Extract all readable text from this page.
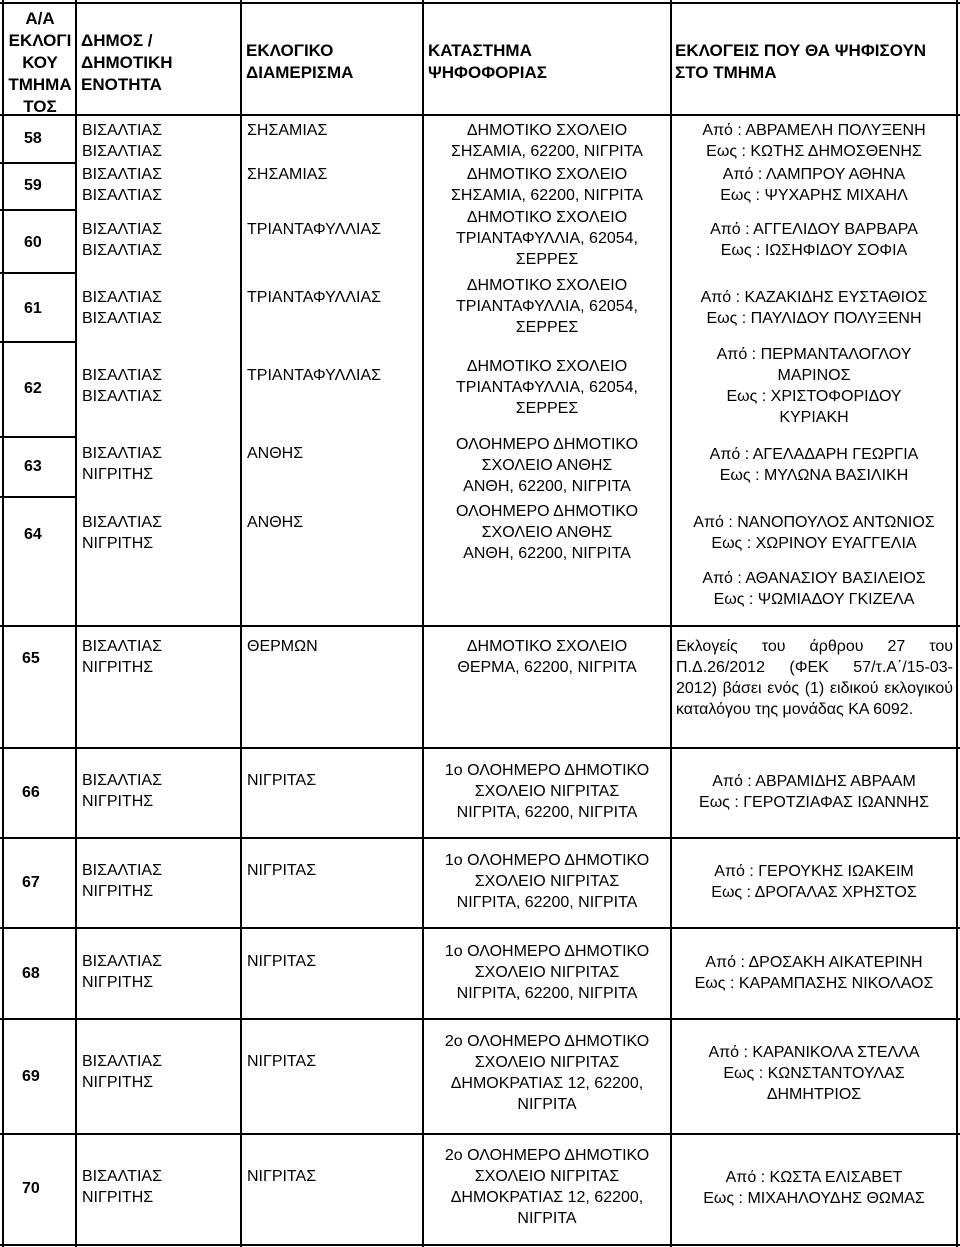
Α/Α
ΕΚΛΟΓΙ
ΚΟΥ
ΤΜΗΜΑ
ΤΟΣ
ΔΗΜΟΣ /
ΔΗΜΟΤΙΚΗ
ΕΝΟΤΗΤΑ
ΕΚΛΟΓΙΚΟ
ΔΙΑΜΕΡΙΣΜΑ
ΚΑΤΑΣΤΗΜΑ
ΨΗΦΟΦΟΡΙΑΣ
ΕΚΛΟΓΕΙΣ ΠΟΥ ΘΑ ΨΗΦΙΣΟΥΝ
ΣΤΟ ΤΜΗΜΑ
58
59
60
61
62
63
64
ΒΙΣΑΛΤΙΑΣ
ΒΙΣΑΛΤΙΑΣ
ΒΙΣΑΛΤΙΑΣ
ΒΙΣΑΛΤΙΑΣ
ΒΙΣΑΛΤΙΑΣ
ΒΙΣΑΛΤΙΑΣ
ΒΙΣΑΛΤΙΑΣ
ΒΙΣΑΛΤΙΑΣ
ΒΙΣΑΛΤΙΑΣ
ΒΙΣΑΛΤΙΑΣ
ΒΙΣΑΛΤΙΑΣ
ΝΙΓΡΙΤΗΣ
ΒΙΣΑΛΤΙΑΣ
ΝΙΓΡΙΤΗΣ
ΣΗΣΑΜΙΑΣ
ΣΗΣΑΜΙΑΣ
ΤΡΙΑΝΤΑΦΥΛΛΙΑΣ
ΤΡΙΑΝΤΑΦΥΛΛΙΑΣ
ΤΡΙΑΝΤΑΦΥΛΛΙΑΣ
ΑΝΘΗΣ
ΑΝΘΗΣ
ΔΗΜΟΤΙΚΟ ΣΧΟΛΕΙΟ
ΣΗΣΑΜΙΑ, 62200, ΝΙΓΡΙΤΑ
ΔΗΜΟΤΙΚΟ ΣΧΟΛΕΙΟ
ΣΗΣΑΜΙΑ, 62200, ΝΙΓΡΙΤΑ
ΔΗΜΟΤΙΚΟ ΣΧΟΛΕΙΟ
ΤΡΙΑΝΤΑΦΥΛΛΙΑ, 62054,
ΣΕΡΡΕΣ
ΔΗΜΟΤΙΚΟ ΣΧΟΛΕΙΟ
ΤΡΙΑΝΤΑΦΥΛΛΙΑ, 62054,
ΣΕΡΡΕΣ
ΔΗΜΟΤΙΚΟ ΣΧΟΛΕΙΟ
ΤΡΙΑΝΤΑΦΥΛΛΙΑ, 62054,
ΣΕΡΡΕΣ
ΟΛΟΗΜΕΡΟ ΔΗΜΟΤΙΚΟ
ΣΧΟΛΕΙΟ ΑΝΘΗΣ
ΑΝΘΗ, 62200, ΝΙΓΡΙΤΑ
ΟΛΟΗΜΕΡΟ ΔΗΜΟΤΙΚΟ
ΣΧΟΛΕΙΟ ΑΝΘΗΣ
ΑΝΘΗ, 62200, ΝΙΓΡΙΤΑ
Από : ΑΒΡΑΜΕΛΗ ΠΟΛΥΞΕΝΗ
Εως : ΚΩΤΗΣ ΔΗΜΟΣΘΕΝΗΣ
Από : ΛΑΜΠΡΟΥ ΑΘΗΝΑ
Εως : ΨΥΧΑΡΗΣ ΜΙΧΑΗΛ
Από : ΑΓΓΕΛΙΔΟΥ ΒΑΡΒΑΡΑ
Εως : ΙΩΣΗΦΙΔΟΥ ΣΟΦΙΑ
Από : ΚΑΖΑΚΙΔΗΣ ΕΥΣΤΑΘΙΟΣ
Εως : ΠΑΥΛΙΔΟΥ ΠΟΛΥΞΕΝΗ
Από : ΠΕΡΜΑΝΤΑΛΟΓΛΟΥ
ΜΑΡΙΝΟΣ
Εως : ΧΡΙΣΤΟΦΟΡΙΔΟΥ
ΚΥΡΙΑΚΗ
Από : ΑΓΕΛΑΔΑΡΗ ΓΕΩΡΓΙΑ
Εως : ΜΥΛΩΝΑ ΒΑΣΙΛΙΚΗ
Από : ΝΑΝΟΠΟΥΛΟΣ ΑΝΤΩΝΙΟΣ
Εως : ΧΩΡΙΝΟΥ ΕΥΑΓΓΕΛΙΑ
Από : ΑΘΑΝΑΣΙΟΥ ΒΑΣΙΛΕΙΟΣ
Εως : ΨΩΜΙΑΔΟΥ ΓΚΙΖΕΛΑ
65
ΒΙΣΑΛΤΙΑΣ
ΝΙΓΡΙΤΗΣ
ΘΕΡΜΩΝ	ΔΗΜΟΤΙΚΟ ΣΧΟΛΕΙΟ
ΘΕΡΜΑ, 62200, ΝΙΓΡΙΤΑ
Εκλογείς του άρθρου 27 του Π.Δ.26/2012 (ΦΕΚ 57/τ.Α΄/15-03-2012) βάσει ενός (1) ειδικού εκλογικού καταλόγου της μονάδας ΚΑ 6092.
66
ΒΙΣΑΛΤΙΑΣ
ΝΙΓΡΙΤΗΣ
ΝΙΓΡΙΤΑΣ
1ο ΟΛΟΗΜΕΡΟ ΔΗΜΟΤΙΚΟ
ΣΧΟΛΕΙΟ ΝΙΓΡΙΤΑΣ
ΝΙΓΡΙΤΑ, 62200, ΝΙΓΡΙΤΑ
Από : ΑΒΡΑΜΙΔΗΣ ΑΒΡΑΑΜ
Εως : ΓΕΡΟΤΖΙΑΦΑΣ ΙΩΑΝΝΗΣ
67
ΒΙΣΑΛΤΙΑΣ
ΝΙΓΡΙΤΗΣ
ΝΙΓΡΙΤΑΣ
1ο ΟΛΟΗΜΕΡΟ ΔΗΜΟΤΙΚΟ
ΣΧΟΛΕΙΟ ΝΙΓΡΙΤΑΣ
ΝΙΓΡΙΤΑ, 62200, ΝΙΓΡΙΤΑ
Από : ΓΕΡΟΥΚΗΣ ΙΩΑΚΕΙΜ
Εως : ΔΡΟΓΑΛΑΣ ΧΡΗΣΤΟΣ
68
ΒΙΣΑΛΤΙΑΣ
ΝΙΓΡΙΤΗΣ
ΝΙΓΡΙΤΑΣ
1ο ΟΛΟΗΜΕΡΟ ΔΗΜΟΤΙΚΟ
ΣΧΟΛΕΙΟ ΝΙΓΡΙΤΑΣ
ΝΙΓΡΙΤΑ, 62200, ΝΙΓΡΙΤΑ
Από : ΔΡΟΣΑΚΗ ΑΙΚΑΤΕΡΙΝΗ
Εως : ΚΑΡΑΜΠΑΣΗΣ ΝΙΚΟΛΑΟΣ
69
ΒΙΣΑΛΤΙΑΣ
ΝΙΓΡΙΤΗΣ
ΝΙΓΡΙΤΑΣ
2ο ΟΛΟΗΜΕΡΟ ΔΗΜΟΤΙΚΟ
ΣΧΟΛΕΙΟ ΝΙΓΡΙΤΑΣ
ΔΗΜΟΚΡΑΤΙΑΣ 12, 62200,
ΝΙΓΡΙΤΑ
Από : ΚΑΡΑΝΙΚΟΛΑ ΣΤΕΛΛΑ
Εως : ΚΩΝΣΤΑΝΤΟΥΛΑΣ
ΔΗΜΗΤΡΙΟΣ
70
ΒΙΣΑΛΤΙΑΣ
ΝΙΓΡΙΤΗΣ
ΝΙΓΡΙΤΑΣ
2ο ΟΛΟΗΜΕΡΟ ΔΗΜΟΤΙΚΟ
ΣΧΟΛΕΙΟ ΝΙΓΡΙΤΑΣ
ΔΗΜΟΚΡΑΤΙΑΣ 12, 62200,
ΝΙΓΡΙΤΑ
Από : ΚΩΣΤΑ ΕΛΙΣΑΒΕΤ
Εως : ΜΙΧΑΗΛΟΥΔΗΣ ΘΩΜΑΣ
